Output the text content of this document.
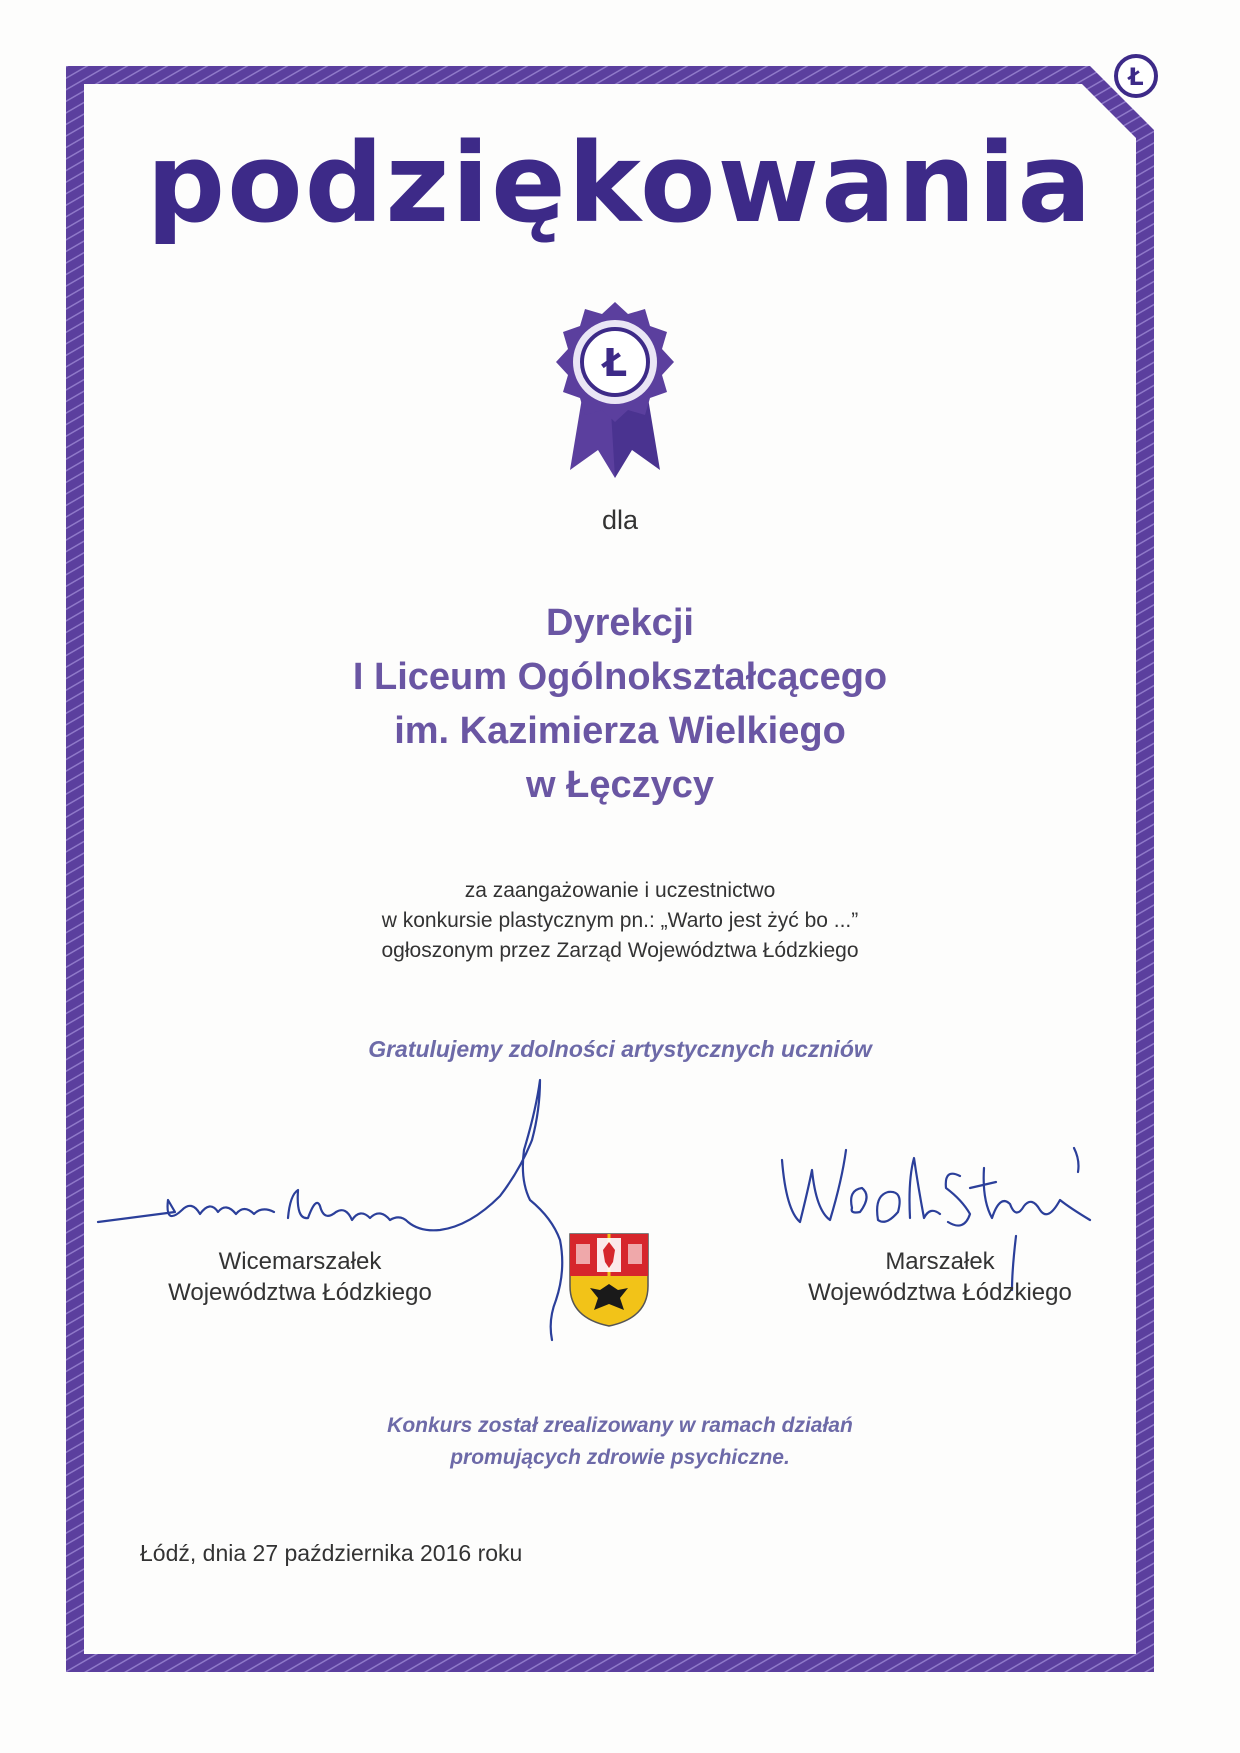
Ł
podziękowania
Ł
dla
Dyrekcji
I Liceum Ogólnokształcącego
im. Kazimierza Wielkiego
w Łęczycy
za zaangażowanie i uczestnictwo
w konkursie plastycznym pn.: „Warto jest żyć bo ...”
ogłoszonym przez Zarząd Województwa Łódzkiego
Gratulujemy zdolności artystycznych uczniów
Wicemarszałek
Województwa Łódzkiego
Marszałek
Województwa Łódzkiego
Konkurs został zrealizowany w ramach działań
promujących zdrowie psychiczne.
Łódź, dnia 27 października 2016 roku
